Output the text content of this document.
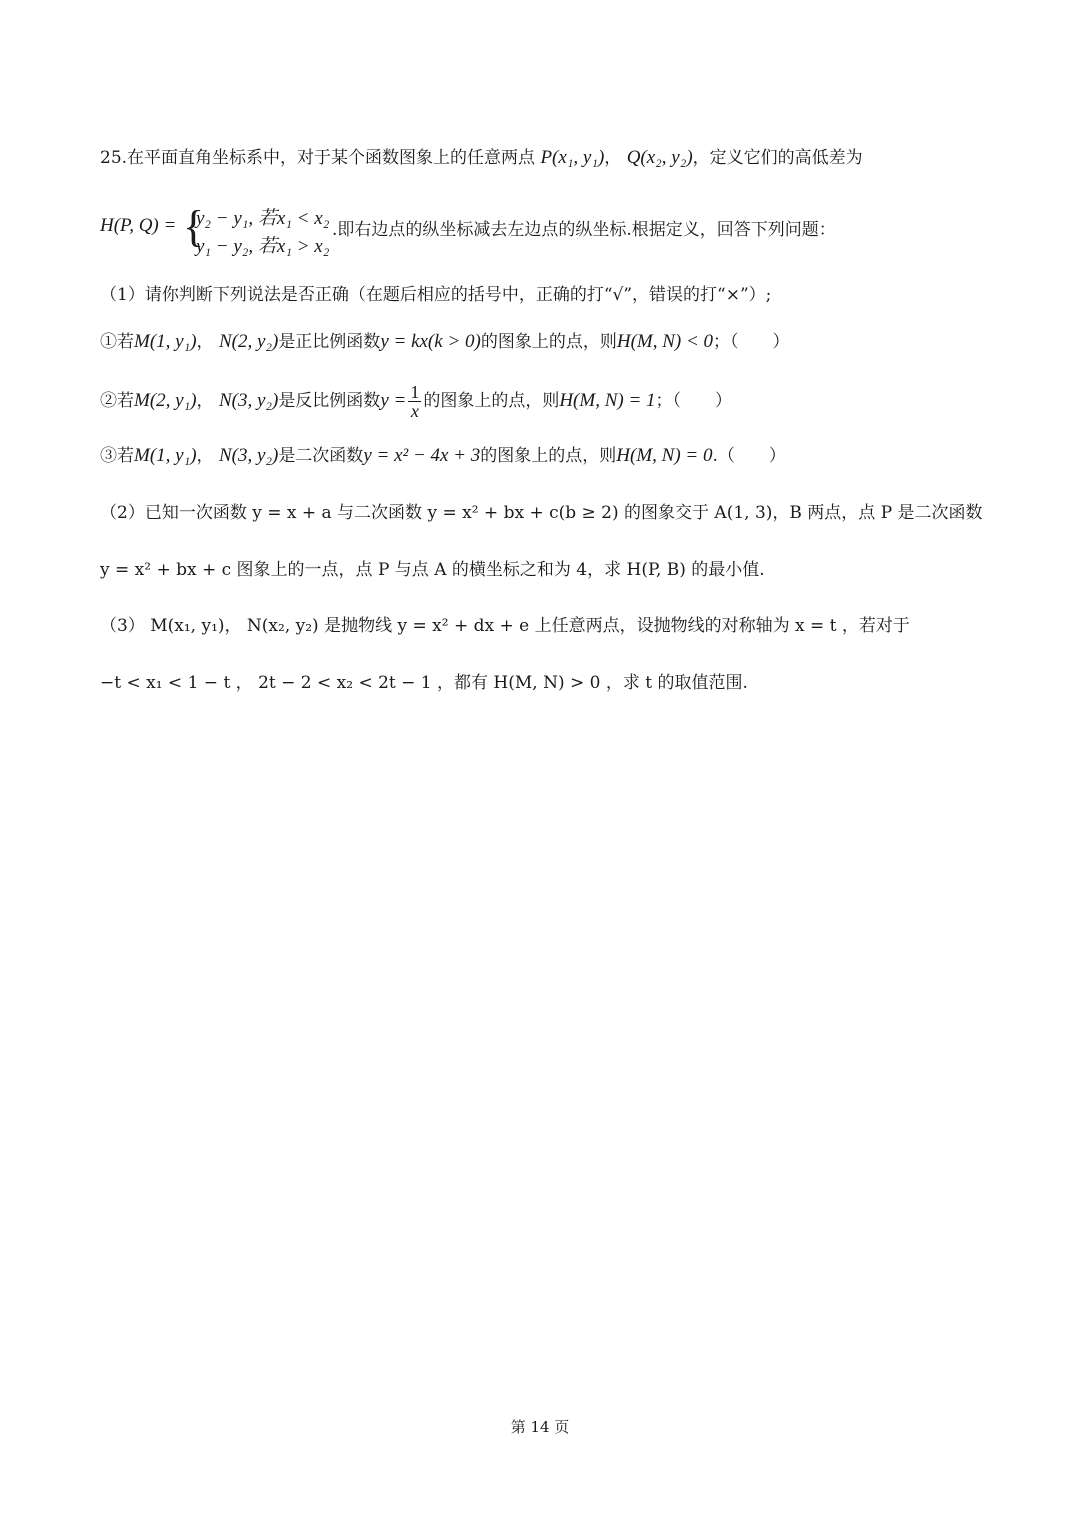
25.在平面直角坐标系中，对于某个函数图象上的任意两点 P(x₁, y₁)， Q(x₂, y₂)，定义它们的高低差为
H(P, Q) = {
y₂ − y₁, 若x₁ < x₂
y₁ − y₂, 若x₁ > x₂
.即右边点的纵坐标减去左边点的纵坐标.根据定义，回答下列问题：
（1）请你判断下列说法是否正确（在题后相应的括号中，正确的打“√”，错误的打“×”）;
①若M(1, y₁)， N(2, y₂)是正比例函数y = kx(k > 0)的图象上的点，则H(M, N) < 0；（　　）
②若M(2, y₁)， N(3, y₂)是反比例函数$y = \frac{1}{x}$ 的图象上的点，则H(M, N) = 1；（　　）
③若M(1, y₁)， N(3, y₂)是二次函数y = x² − 4x + 3的图象上的点，则H(M, N) = 0.（　　）
（2）已知一次函数 y = x + a 与二次函数 y = x² + bx + c(b ≥ 2) 的图象交于 A(1, 3)，B 两点，点 P 是二次函数
y = x² + bx + c 图象上的一点，点 P 与点 A 的横坐标之和为 4，求 H(P, B) 的最小值.
（3） M(x₁, y₁)， N(x₂, y₂) 是抛物线 y = x² + dx + e 上任意两点，设抛物线的对称轴为 x = t ，若对于
−t < x₁ < 1 − t ， 2t − 2 < x₂ < 2t − 1 ，都有 H(M, N) > 0 ，求 t 的取值范围.
第 14 页
